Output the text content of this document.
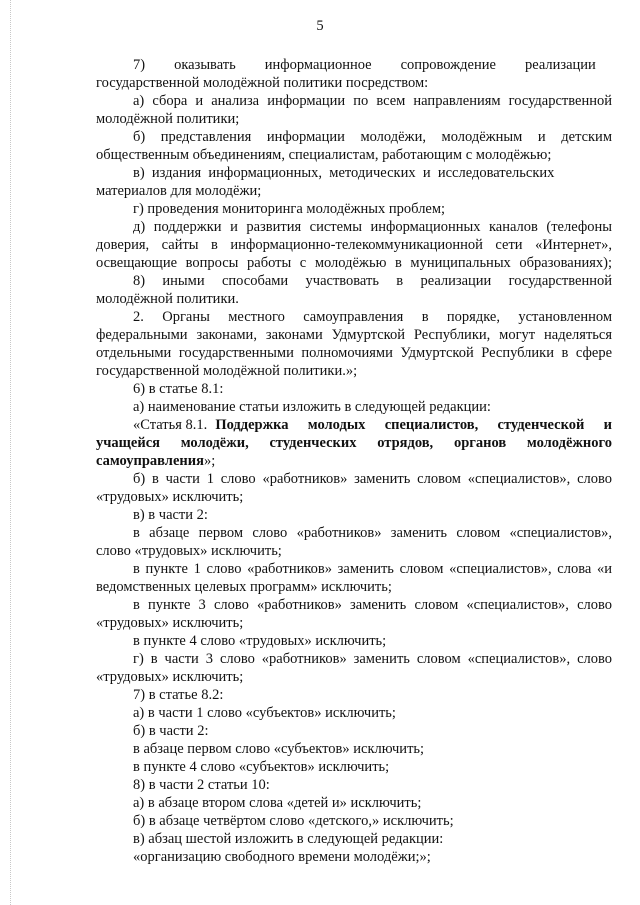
5
7)  оказывать  информационное  сопровождение  реализации
государственной молодёжной политики посредством:
а) сбора и анализа информации по всем направлениям государственной
молодёжной политики;
б) представления информации молодёжи, молодёжным и детским
общественным объединениям, специалистам, работающим с молодёжью;
в) издания информационных, методических и исследовательских
материалов для молодёжи;
г) проведения мониторинга молодёжных проблем;
д) поддержки и развития системы информационных каналов (телефоны
доверия, сайты в информационно-телекоммуникационной сети «Интернет»,
освещающие вопросы работы с молодёжью в муниципальных образованиях);
8) иными способами участвовать в реализации государственной
молодёжной политики.
2. Органы местного самоуправления в порядке, установленном
федеральными законами, законами Удмуртской Республики, могут наделяться
отдельными государственными полномочиями Удмуртской Республики в сфере
государственной молодёжной политики.»;
6) в статье 8.1:
а) наименование статьи изложить в следующей редакции:
«Статья 8.1. Поддержка молодых специалистов, студенческой и
учащейся молодёжи, студенческих отрядов, органов молодёжного
самоуправления»;
б) в части 1 слово «работников» заменить словом «специалистов», слово
«трудовых» исключить;
в) в части 2:
в абзаце первом слово «работников» заменить словом «специалистов»,
слово «трудовых» исключить;
в пункте 1 слово «работников» заменить словом «специалистов», слова «и
ведомственных целевых программ» исключить;
в пункте 3 слово «работников» заменить словом «специалистов», слово
«трудовых» исключить;
в пункте 4 слово «трудовых» исключить;
г) в части 3 слово «работников» заменить словом «специалистов», слово
«трудовых» исключить;
7) в статье 8.2:
а) в части 1 слово «субъектов» исключить;
б) в части 2:
в абзаце первом слово «субъектов» исключить;
в пункте 4 слово «субъектов» исключить;
8) в части 2 статьи 10:
а) в абзаце втором слова «детей и» исключить;
б) в абзаце четвёртом слово «детского,» исключить;
в) абзац шестой изложить в следующей редакции:
«организацию свободного времени молодёжи;»;
